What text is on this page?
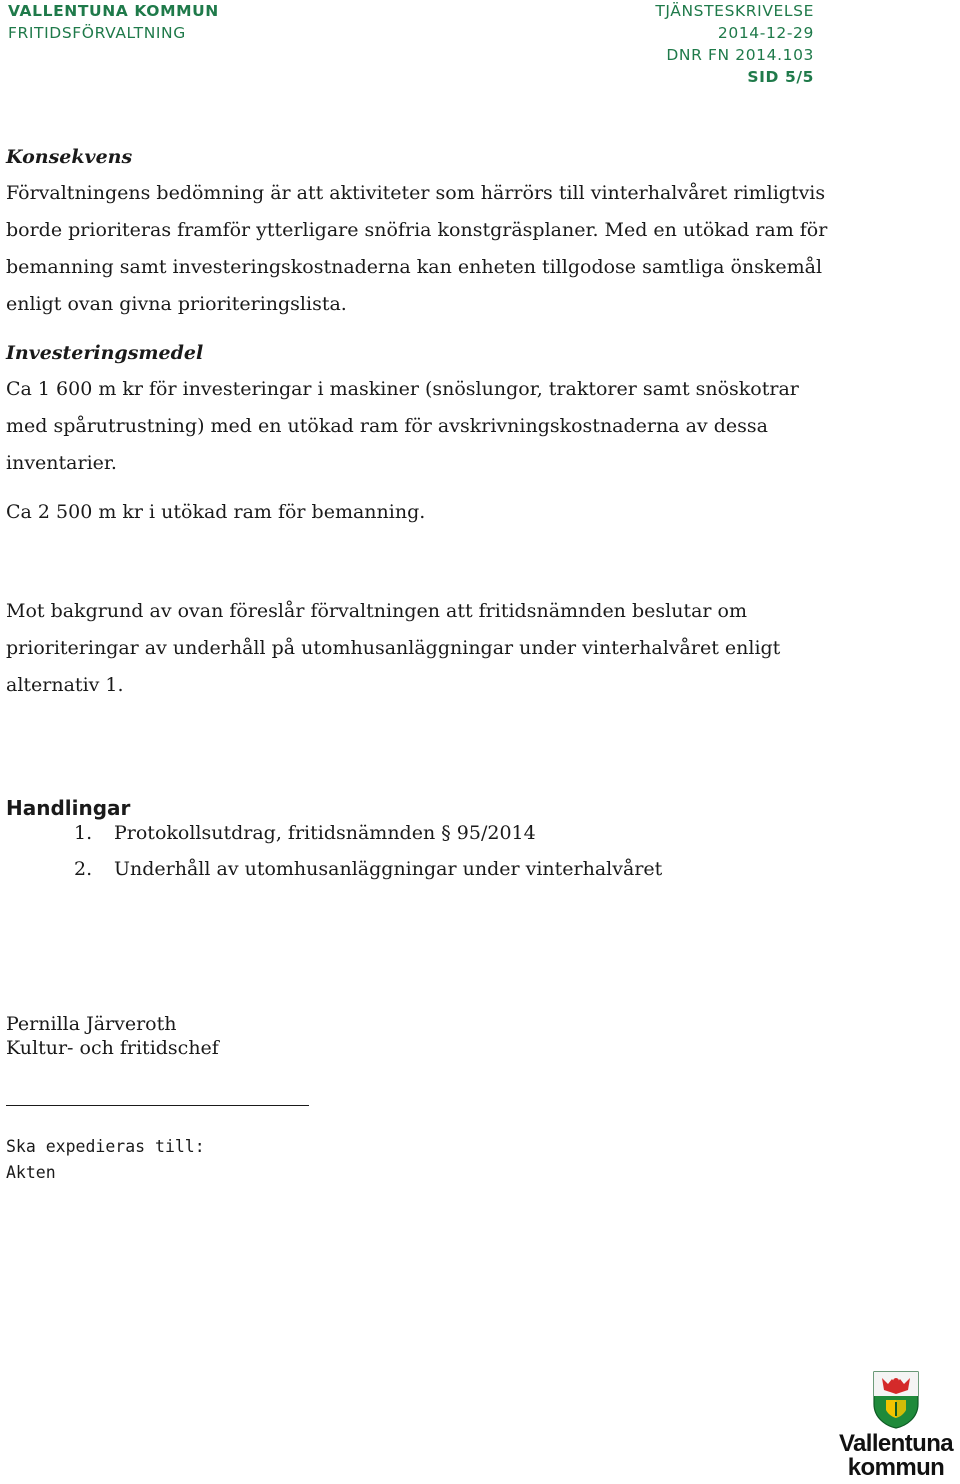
VALLENTUNA KOMMUN
FRITIDSFÖRVALTNING
TJÄNSTESKRIVELSE
2014-12-29
DNR FN 2014.103
SID 5/5
Konsekvens

Förvaltningens bedömning är att aktiviteter som härrörs till vinterhalvåret rimligtvis

borde prioriteras framför ytterligare snöfria konstgräsplaner. Med en utökad ram för

bemanning samt investeringskostnaderna kan enheten tillgodose samtliga önskemål

enligt ovan givna prioriteringslista.

Investeringsmedel

Ca 1 600 m kr för investeringar i maskiner (snöslungor, traktorer samt snöskotrar

med spårutrustning) med en utökad ram för avskrivningskostnaderna av dessa

inventarier.

Ca 2 500 m kr i utökad ram för bemanning.

Mot bakgrund av ovan föreslår förvaltningen att fritidsnämnden beslutar om

prioriteringar av underhåll på utomhusanläggningar under vinterhalvåret enligt

alternativ 1.

Handlingar
1. Protokollsutdrag, fritidsnämnden § 95/2014
2. Underhåll av utomhusanläggningar under vinterhalvåret
Pernilla Järveroth
Kultur- och fritidschef
Ska expedieras till:
Akten
Vallentuna
kommun
